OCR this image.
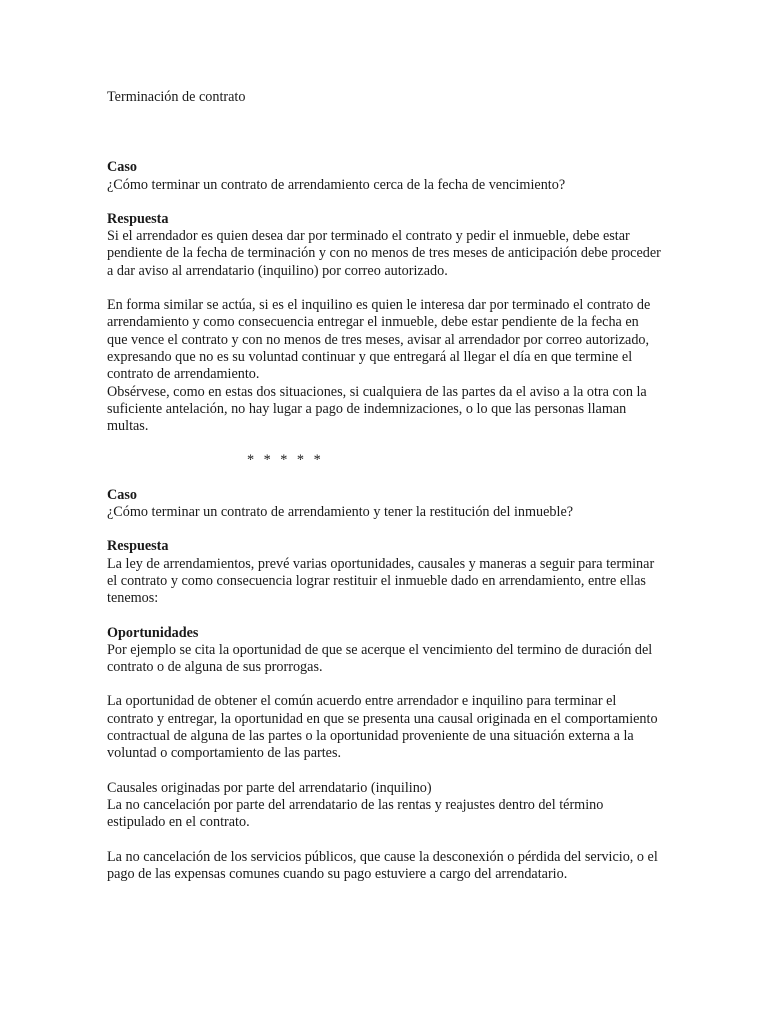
Terminación de contrato

Caso

¿Cómo terminar un contrato de arrendamiento cerca de la fecha de vencimiento?

Respuesta

Si el arrendador es quien desea dar por terminado el contrato y pedir el inmueble, debe estar pendiente de la fecha de terminación y con no menos de tres meses de anticipación debe proceder a dar aviso al arrendatario (inquilino) por correo autorizado.

En forma similar se actúa, si es el inquilino es quien le interesa dar por terminado el contrato de arrendamiento y como consecuencia entregar el inmueble, debe estar pendiente de la fecha en que vence el contrato y con no menos de tres meses, avisar al arrendador por correo autorizado, expresando que no es su voluntad continuar y que entregará al llegar el día en que termine el contrato de arrendamiento.

Obsérvese, como en estas dos situaciones, si cualquiera de las partes da el aviso a la otra con la suficiente antelación, no hay lugar a pago de indemnizaciones, o lo que las personas llaman multas.

* * * * *

Caso

¿Cómo terminar un contrato de arrendamiento y tener la restitución del inmueble?

Respuesta

La ley de arrendamientos, prevé varias oportunidades, causales y maneras a seguir para terminar el contrato y como consecuencia lograr restituir el inmueble dado en arrendamiento, entre ellas tenemos:

Oportunidades

Por ejemplo se cita la oportunidad de que se acerque el vencimiento del termino de duración del contrato o de alguna de sus prorrogas.

La oportunidad de obtener el común acuerdo entre arrendador e inquilino para terminar el contrato y entregar, la oportunidad en que se presenta una causal originada en el comportamiento contractual de alguna de las partes o la oportunidad proveniente de una situación externa a la voluntad o comportamiento de las partes.

Causales originadas por parte del arrendatario (inquilino)

La no cancelación por parte del arrendatario de las rentas y reajustes dentro del término estipulado en el contrato.

La no cancelación de los servicios públicos, que cause la desconexión o pérdida del servicio, o el pago de las expensas comunes cuando su pago estuviere a cargo del arrendatario.
